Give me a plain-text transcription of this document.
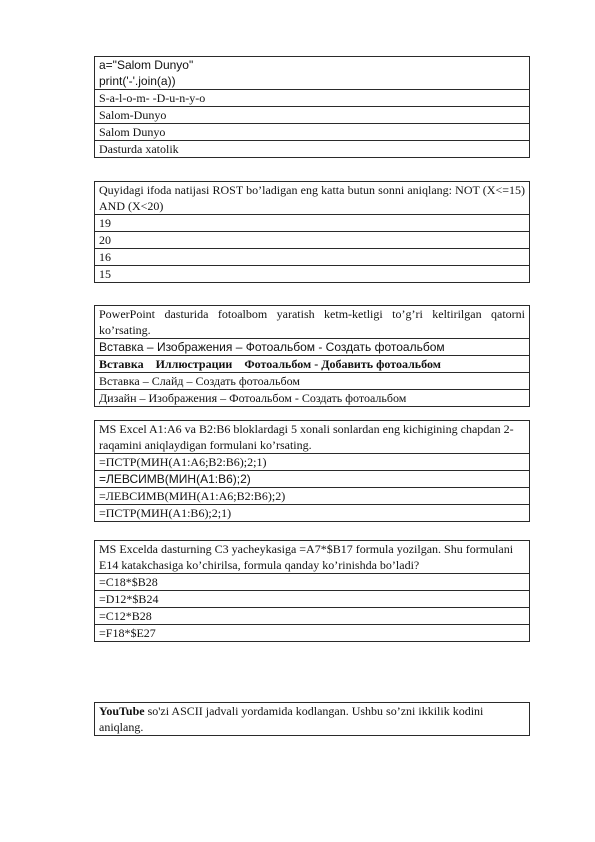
a="Salom Dunyo"
print('-'.join(a))

S-a-l-o-m- -D-u-n-y-o
Salom-Dunyo
Salom Dunyo
Dasturda xatolik
Quyidagi ifoda natijasi ROST bo’ladigan eng katta butun sonni aniqlang: NOT (X<=15) AND (X<20)
19
20
16
15
PowerPoint dasturida fotoalbom yaratish ketm-ketligi to’g’ri keltirilgan qatorni ko’rsating.
Вставка – Изображения – Фотоальбом - Создать фотоальбом
Вставка    Иллюстрации    Фотоальбом - Добавить фотоальбом
Вставка – Слайд – Создать фотоальбом
Дизайн – Изображения – Фотоальбом - Создать фотоальбом
MS Excel A1:A6 va B2:B6 bloklardagi 5 xonali sonlardan eng kichigining chapdan 2-raqamini aniqlaydigan formulani ko’rsating.
=ПСТР(МИН(A1:A6;B2:B6);2;1)
=ЛЕВСИМВ(МИН(A1:B6);2)
=ЛЕВСИМВ(МИН(A1:A6;B2:B6);2)
=ПСТР(МИН(A1:B6);2;1)
MS Excelda dasturning C3 yacheykasiga =A7*$B17 formula yozilgan. Shu formulani E14 katakchasiga ko’chirilsa, formula qanday ko’rinishda bo’ladi?
=C18*$B28
=D12*$B24
=C12*B28
=F18*$E27
YouTube so'zi ASCII jadvali yordamida kodlangan. Ushbu so’zni ikkilik kodini aniqlang.
